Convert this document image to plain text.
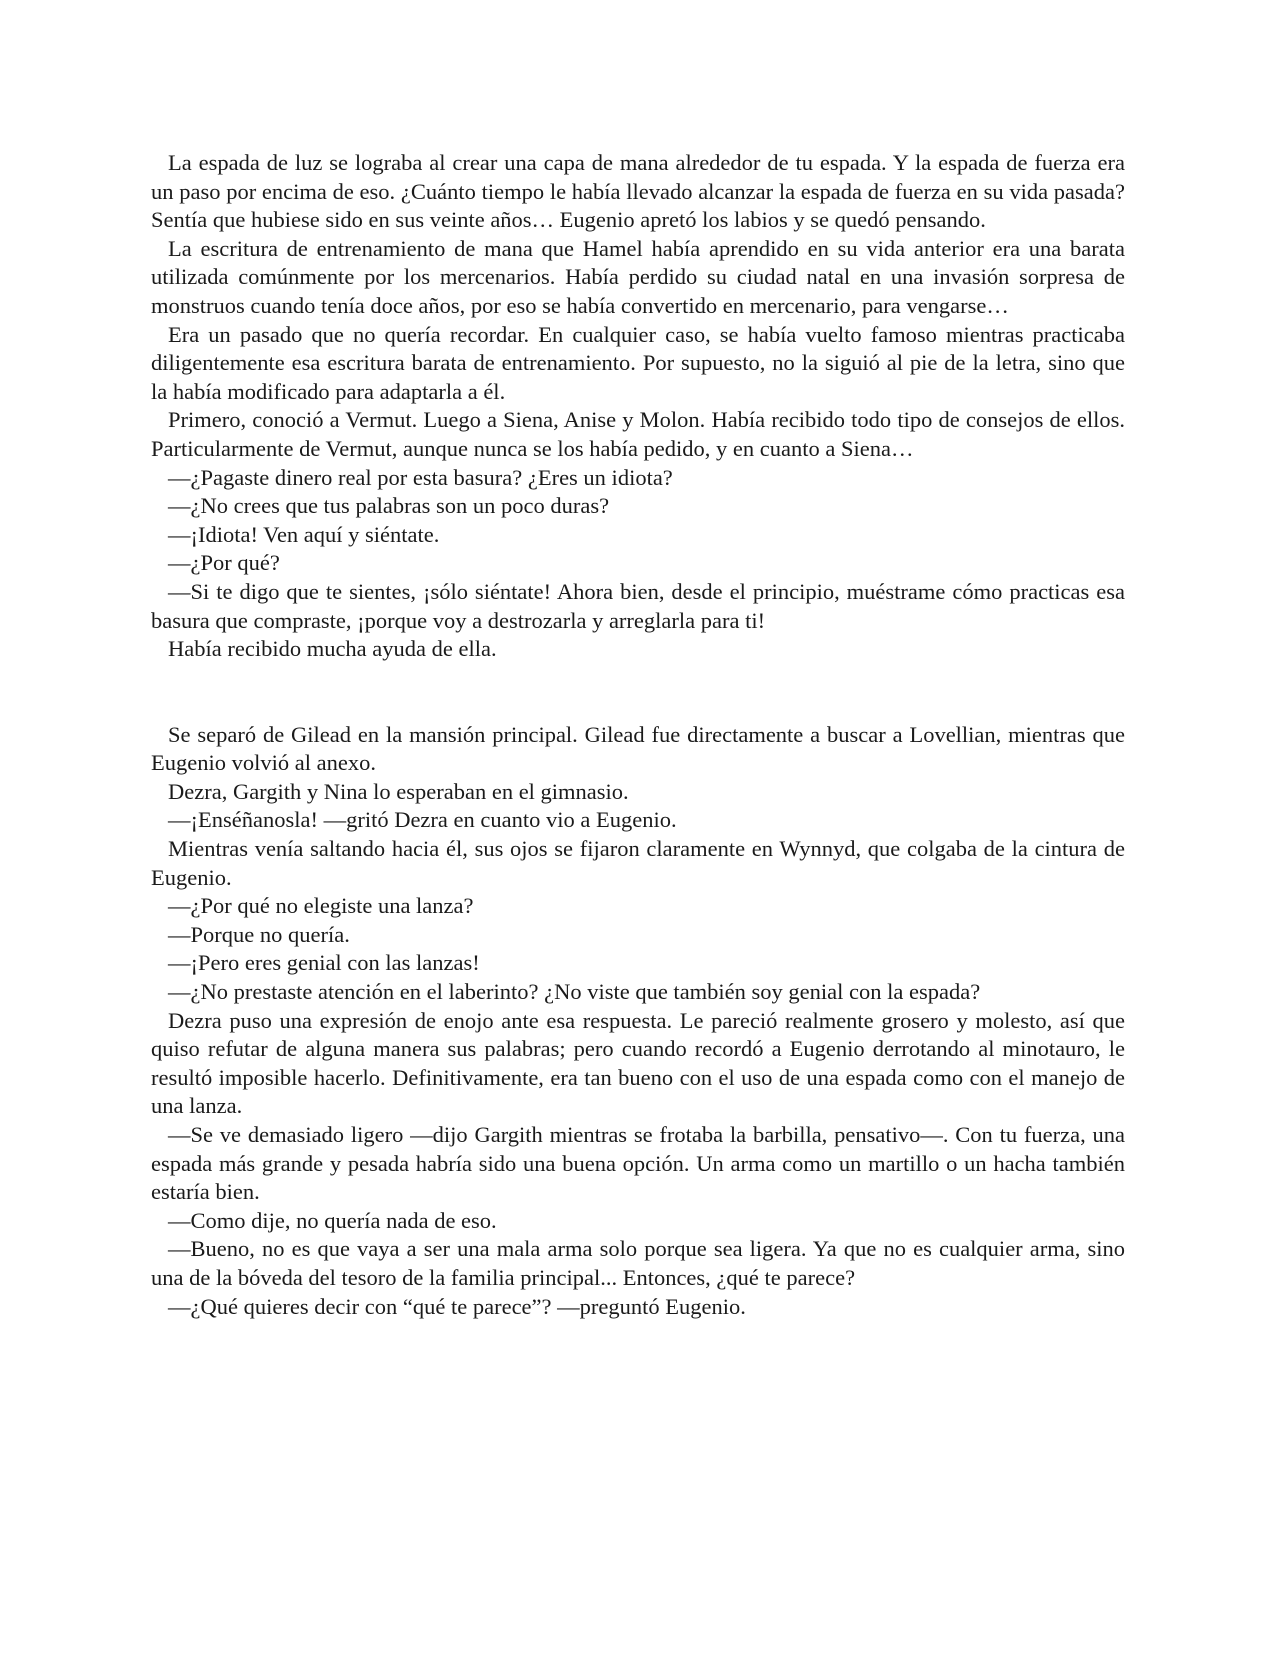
La espada de luz se lograba al crear una capa de mana alrededor de tu espada. Y la espada de fuerza era un paso por encima de eso. ¿Cuánto tiempo le había llevado alcanzar la espada de fuerza en su vida pasada? Sentía que hubiese sido en sus veinte años… Eugenio apretó los labios y se quedó pensando.

La escritura de entrenamiento de mana que Hamel había aprendido en su vida anterior era una barata utilizada comúnmente por los mercenarios. Había perdido su ciudad natal en una invasión sorpresa de monstruos cuando tenía doce años, por eso se había convertido en mercenario, para vengarse…

Era un pasado que no quería recordar. En cualquier caso, se había vuelto famoso mientras practicaba diligentemente esa escritura barata de entrenamiento. Por supuesto, no la siguió al pie de la letra, sino que la había modificado para adaptarla a él.

Primero, conoció a Vermut. Luego a Siena, Anise y Molon. Había recibido todo tipo de consejos de ellos. Particularmente de Vermut, aunque nunca se los había pedido, y en cuanto a Siena…

—¿Pagaste dinero real por esta basura? ¿Eres un idiota?

—¿No crees que tus palabras son un poco duras?

—¡Idiota! Ven aquí y siéntate.

—¿Por qué?

—Si te digo que te sientes, ¡sólo siéntate! Ahora bien, desde el principio, muéstrame cómo practicas esa basura que compraste, ¡porque voy a destrozarla y arreglarla para ti!

Había recibido mucha ayuda de ella.

Se separó de Gilead en la mansión principal. Gilead fue directamente a buscar a Lovellian, mientras que Eugenio volvió al anexo.

Dezra, Gargith y Nina lo esperaban en el gimnasio.

—¡Enséñanosla! —gritó Dezra en cuanto vio a Eugenio.

Mientras venía saltando hacia él, sus ojos se fijaron claramente en Wynnyd, que colgaba de la cintura de Eugenio.

—¿Por qué no elegiste una lanza?

—Porque no quería.

—¡Pero eres genial con las lanzas!

—¿No prestaste atención en el laberinto? ¿No viste que también soy genial con la espada?

Dezra puso una expresión de enojo ante esa respuesta. Le pareció realmente grosero y molesto, así que quiso refutar de alguna manera sus palabras; pero cuando recordó a Eugenio derrotando al minotauro, le resultó imposible hacerlo. Definitivamente, era tan bueno con el uso de una espada como con el manejo de una lanza.

—Se ve demasiado ligero —dijo Gargith mientras se frotaba la barbilla, pensativo—. Con tu fuerza, una espada más grande y pesada habría sido una buena opción. Un arma como un martillo o un hacha también estaría bien.

—Como dije, no quería nada de eso.

—Bueno, no es que vaya a ser una mala arma solo porque sea ligera. Ya que no es cualquier arma, sino una de la bóveda del tesoro de la familia principal... Entonces, ¿qué te parece?

—¿Qué quieres decir con “qué te parece”? —preguntó Eugenio.
